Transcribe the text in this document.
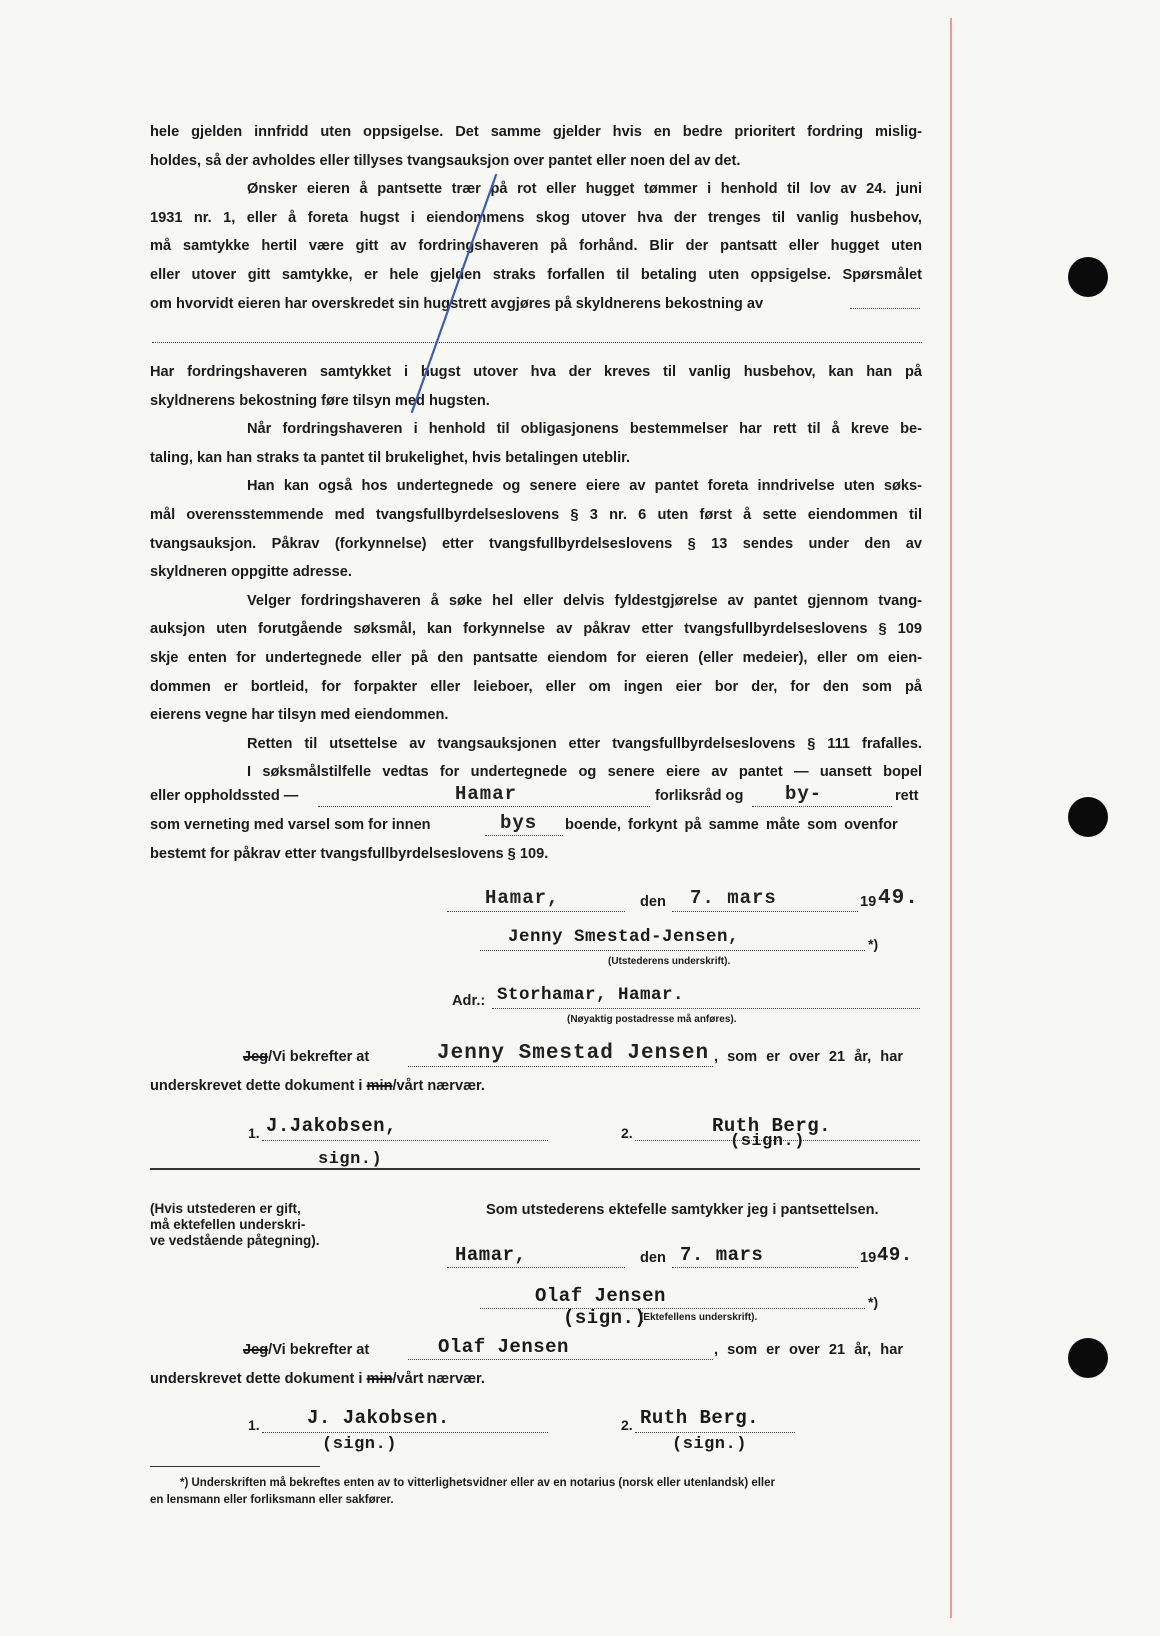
hele gjelden innfridd uten oppsigelse. Det samme gjelder hvis en bedre prioritert fordring mislig-
holdes, så der avholdes eller tillyses tvangsauksjon over pantet eller noen del av det.
Ønsker eieren å pantsette trær på rot eller hugget tømmer i henhold til lov av 24. juni
1931 nr. 1, eller å foreta hugst i eiendommens skog utover hva der trenges til vanlig husbehov,
må samtykke hertil være gitt av fordringshaveren på forhånd. Blir der pantsatt eller hugget uten
eller utover gitt samtykke, er hele gjelden straks forfallen til betaling uten oppsigelse. Spørsmålet
om hvorvidt eieren har overskredet sin hugstrett avgjøres på skyldnerens bekostning av
Har fordringshaveren samtykket i hugst utover hva der kreves til vanlig husbehov, kan han på
skyldnerens bekostning føre tilsyn med hugsten.
Når fordringshaveren i henhold til obligasjonens bestemmelser har rett til å kreve be-
taling, kan han straks ta pantet til brukelighet, hvis betalingen uteblir.
Han kan også hos undertegnede og senere eiere av pantet foreta inndrivelse uten søks-
mål overensstemmende med tvangsfullbyrdelseslovens § 3 nr. 6 uten først å sette eiendommen til
tvangsauksjon. Påkrav (forkynnelse) etter tvangsfullbyrdelseslovens § 13 sendes under den av
skyldneren oppgitte adresse.
Velger fordringshaveren å søke hel eller delvis fyldestgjørelse av pantet gjennom tvang-
auksjon uten forutgående søksmål, kan forkynnelse av påkrav etter tvangsfullbyrdelseslovens § 109
skje enten for undertegnede eller på den pantsatte eiendom for eieren (eller medeier), eller om eien-
dommen er bortleid, for forpakter eller leieboer, eller om ingen eier bor der, for den som på
eierens vegne har tilsyn med eiendommen.
Retten til utsettelse av tvangsauksjonen etter tvangsfullbyrdelseslovens § 111 frafalles.
I søksmålstilfelle vedtas for undertegnede og senere eiere av pantet — uansett bopel
eller oppholdssted —	Hamar	forliksråd og by-	rett
som verneting med varsel som for innen	bys boende, forkynt på samme måte som ovenfor
bestemt for påkrav etter tvangsfullbyrdelseslovens § 109.
Hamar,	den 7. mars	19 49.
Jenny Smestad-Jensen,	*)
(Utstederens underskrift).
Adr.: Storhamar, Hamar.
(Nøyaktig postadresse må anføres).
Jeg/Vi bekrefter at	Jenny Smestad Jensen , som er over 21 år, har
underskrevet dette dokument i min/vårt nærvær.
1. J.Jakobsen,
sign.)
2.	Ruth Berg.
(sign.)
(Hvis utstederen er gift,
må ektefellen underskri-
ve vedstående påtegning).
Som utstederens ektefelle samtykker jeg i pantsettelsen.
Hamar,	den 7. mars	19 49.
Olaf Jensen
(sign.)
*)
(Ektefellens underskrift).
Jeg/Vi bekrefter at	Olaf Jensen	, som er over 21 år, har
underskrevet dette dokument i min/vårt nærvær.
1. J. Jakobsen.
(sign.)
2. Ruth Berg.
(sign.)
*) Underskriften må bekreftes enten av to vitterlighetsvidner eller av en notarius (norsk eller utenlandsk) eller
en lensmann eller forliksmann eller sakfører.
